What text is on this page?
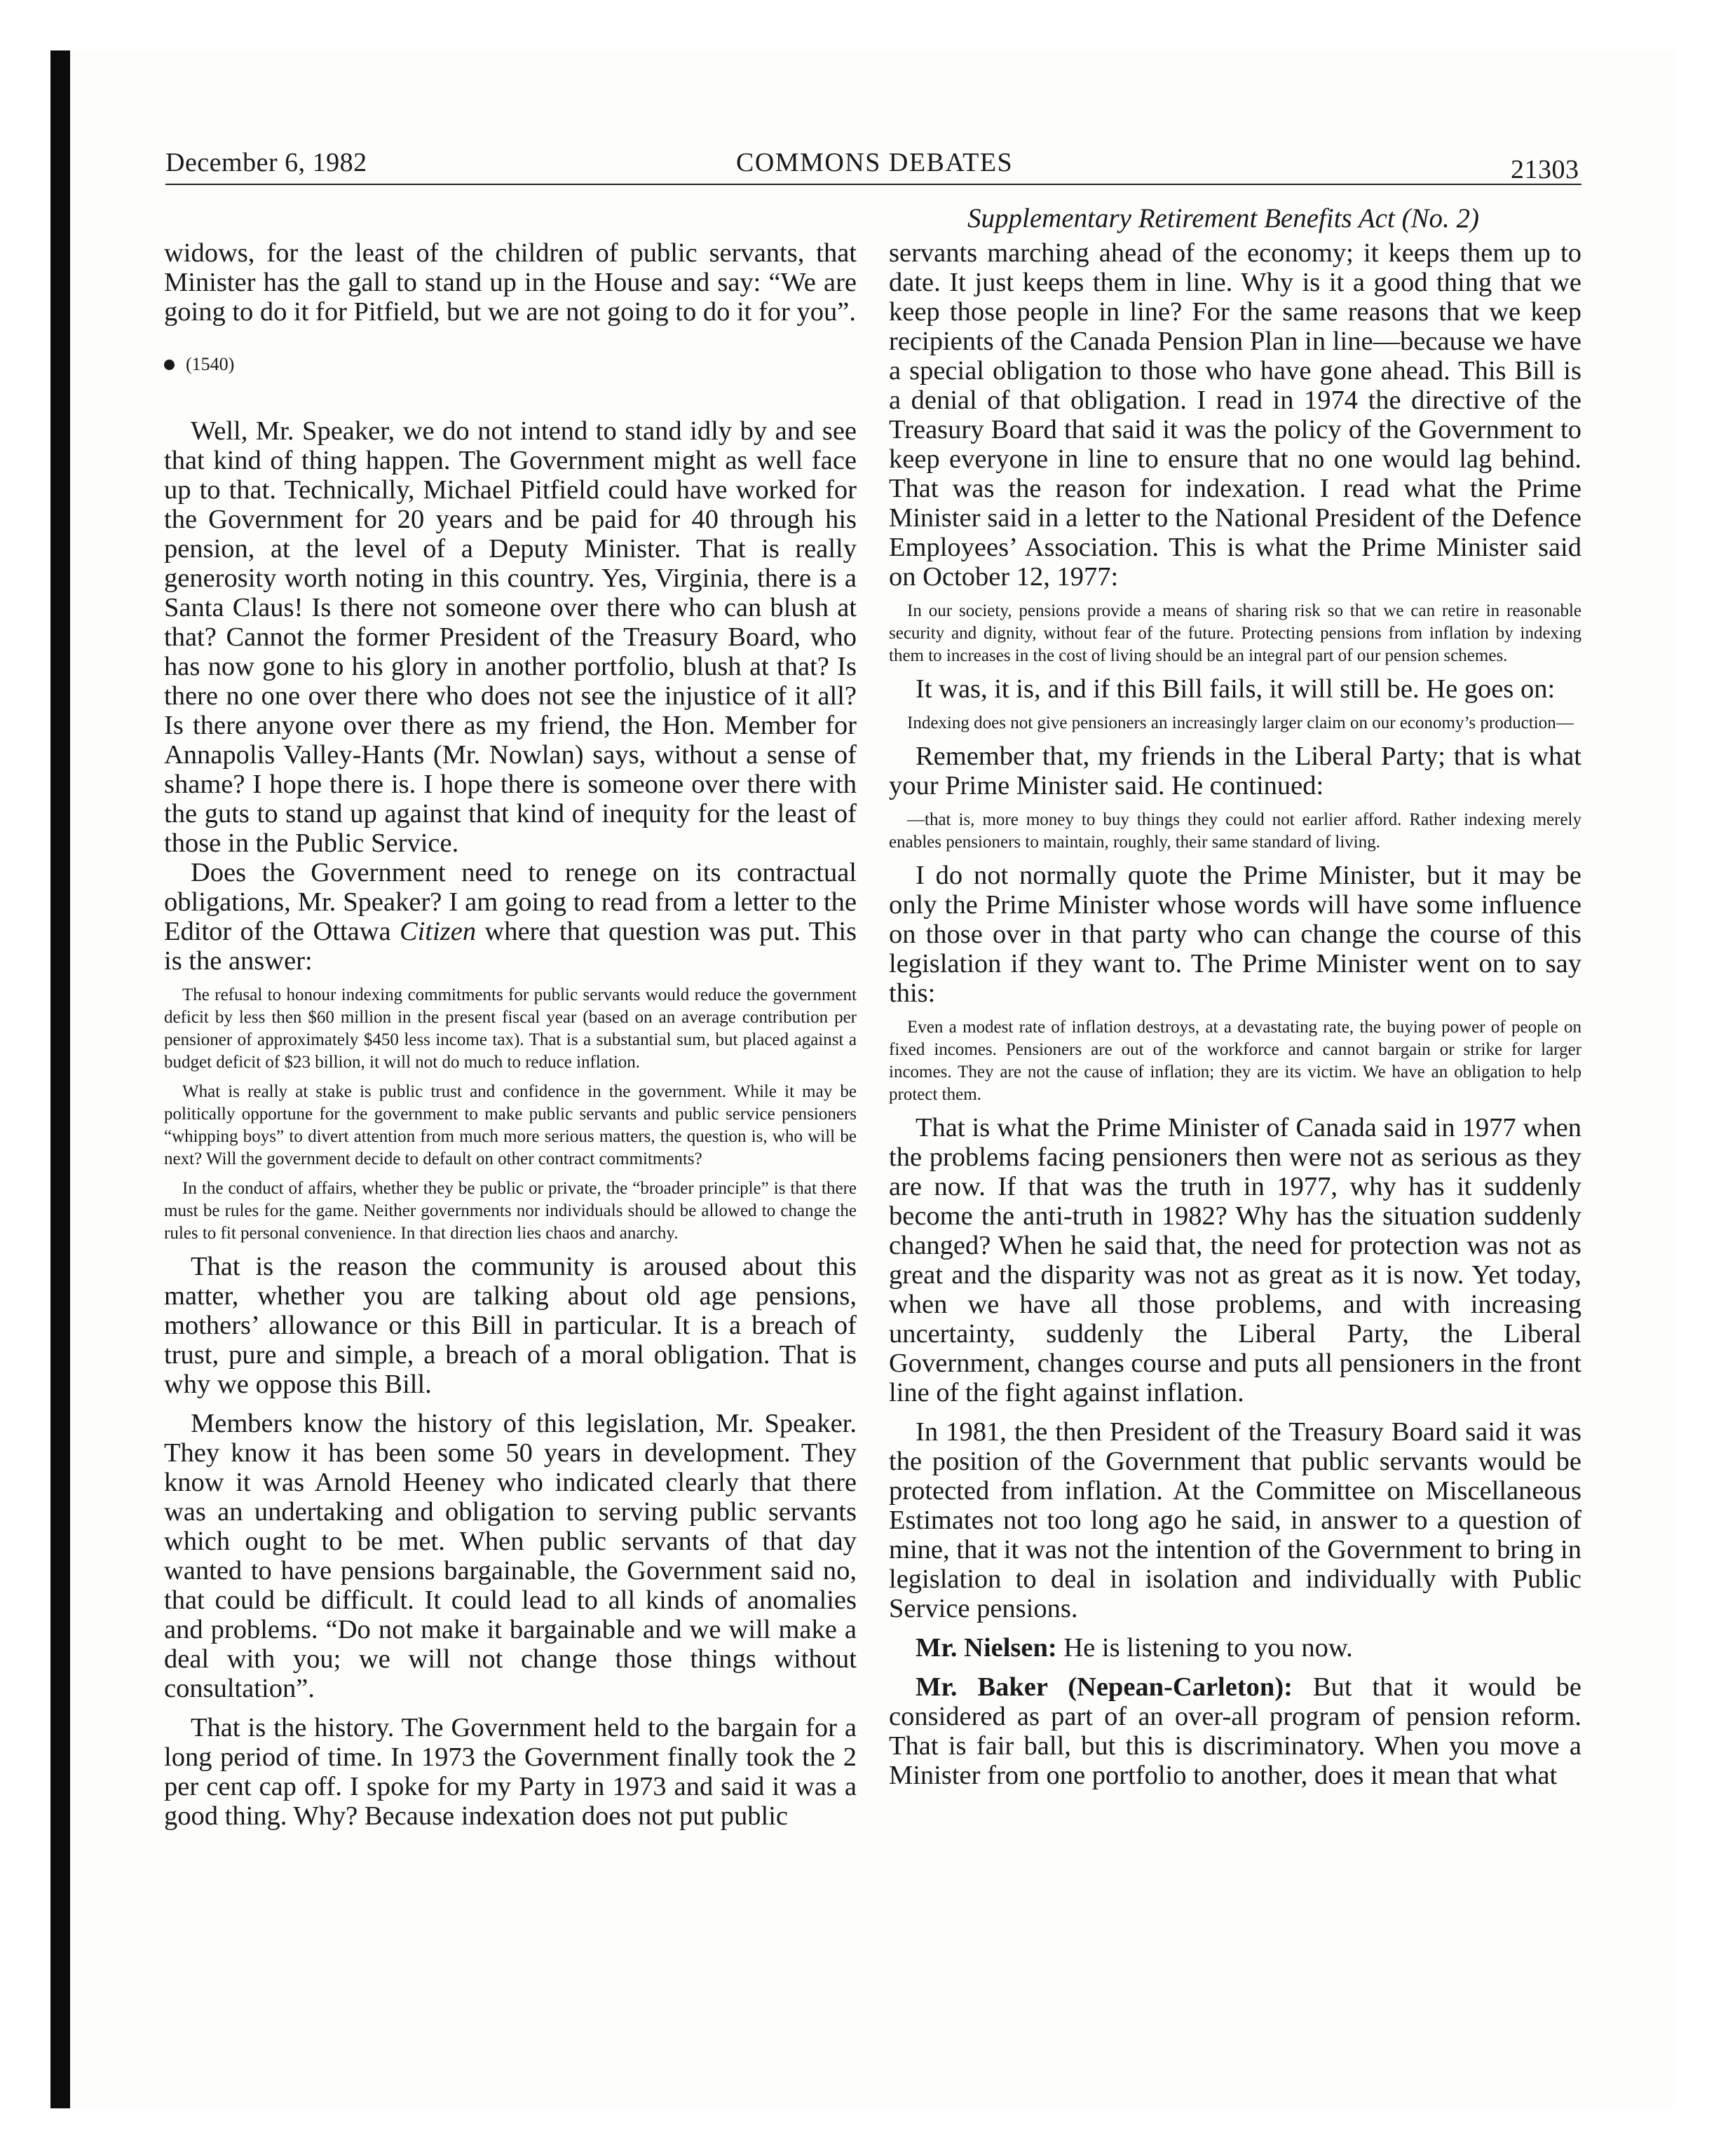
December 6, 1982	COMMONS DEBATES	21303
Supplementary Retirement Benefits Act (No. 2)

widows, for the least of the children of public servants, that Minister has the gall to stand up in the House and say: “We are going to do it for Pitfield, but we are not going to do it for you”.

(1540)

Well, Mr. Speaker, we do not intend to stand idly by and see that kind of thing happen. The Government might as well face up to that. Technically, Michael Pitfield could have worked for the Government for 20 years and be paid for 40 through his pension, at the level of a Deputy Minister. That is really generosity worth noting in this country. Yes, Virginia, there is a Santa Claus! Is there not someone over there who can blush at that? Cannot the former President of the Treasury Board, who has now gone to his glory in another portfolio, blush at that? Is there no one over there who does not see the injustice of it all? Is there anyone over there as my friend, the Hon. Member for Annapolis Valley-Hants (Mr. Nowlan) says, without a sense of shame? I hope there is. I hope there is someone over there with the guts to stand up against that kind of inequity for the least of those in the Public Service.

Does the Government need to renege on its contractual obligations, Mr. Speaker? I am going to read from a letter to the Editor of the Ottawa Citizen where that question was put. This is the answer:

The refusal to honour indexing commitments for public servants would reduce the government deficit by less then $60 million in the present fiscal year (based on an average contribution per pensioner of approximately $450 less income tax). That is a substantial sum, but placed against a budget deficit of $23 billion, it will not do much to reduce inflation.

What is really at stake is public trust and confidence in the government. While it may be politically opportune for the government to make public servants and public service pensioners “whipping boys” to divert attention from much more serious matters, the question is, who will be next? Will the government decide to default on other contract commitments?

In the conduct of affairs, whether they be public or private, the “broader principle” is that there must be rules for the game. Neither governments nor individuals should be allowed to change the rules to fit personal convenience. In that direction lies chaos and anarchy.

That is the reason the community is aroused about this matter, whether you are talking about old age pensions, mothers’ allowance or this Bill in particular. It is a breach of trust, pure and simple, a breach of a moral obligation. That is why we oppose this Bill.

Members know the history of this legislation, Mr. Speaker. They know it has been some 50 years in development. They know it was Arnold Heeney who indicated clearly that there was an undertaking and obligation to serving public servants which ought to be met. When public servants of that day wanted to have pensions bargainable, the Government said no, that could be difficult. It could lead to all kinds of anomalies and problems. “Do not make it bargainable and we will make a deal with you; we will not change those things without consultation”.

That is the history. The Government held to the bargain for a long period of time. In 1973 the Government finally took the 2 per cent cap off. I spoke for my Party in 1973 and said it was a good thing. Why? Because indexation does not put public

servants marching ahead of the economy; it keeps them up to date. It just keeps them in line. Why is it a good thing that we keep those people in line? For the same reasons that we keep recipients of the Canada Pension Plan in line—because we have a special obligation to those who have gone ahead. This Bill is a denial of that obligation. I read in 1974 the directive of the Treasury Board that said it was the policy of the Government to keep everyone in line to ensure that no one would lag behind. That was the reason for indexation. I read what the Prime Minister said in a letter to the National President of the Defence Employees’ Association. This is what the Prime Minister said on October 12, 1977:

In our society, pensions provide a means of sharing risk so that we can retire in reasonable security and dignity, without fear of the future. Protecting pensions from inflation by indexing them to increases in the cost of living should be an integral part of our pension schemes.

It was, it is, and if this Bill fails, it will still be. He goes on:

Indexing does not give pensioners an increasingly larger claim on our economy’s production—

Remember that, my friends in the Liberal Party; that is what your Prime Minister said. He continued:

—that is, more money to buy things they could not earlier afford. Rather indexing merely enables pensioners to maintain, roughly, their same standard of living.

I do not normally quote the Prime Minister, but it may be only the Prime Minister whose words will have some influence on those over in that party who can change the course of this legislation if they want to. The Prime Minister went on to say this:

Even a modest rate of inflation destroys, at a devastating rate, the buying power of people on fixed incomes. Pensioners are out of the workforce and cannot bargain or strike for larger incomes. They are not the cause of inflation; they are its victim. We have an obligation to help protect them.

That is what the Prime Minister of Canada said in 1977 when the problems facing pensioners then were not as serious as they are now. If that was the truth in 1977, why has it suddenly become the anti-truth in 1982? Why has the situation suddenly changed? When he said that, the need for protection was not as great and the disparity was not as great as it is now. Yet today, when we have all those problems, and with increasing uncertainty, suddenly the Liberal Party, the Liberal Government, changes course and puts all pensioners in the front line of the fight against inflation.

In 1981, the then President of the Treasury Board said it was the position of the Government that public servants would be protected from inflation. At the Committee on Miscellaneous Estimates not too long ago he said, in answer to a question of mine, that it was not the intention of the Government to bring in legislation to deal in isolation and individually with Public Service pensions.

Mr. Nielsen: He is listening to you now.

Mr. Baker (Nepean-Carleton): But that it would be considered as part of an over-all program of pension reform. That is fair ball, but this is discriminatory. When you move a Minister from one portfolio to another, does it mean that what
